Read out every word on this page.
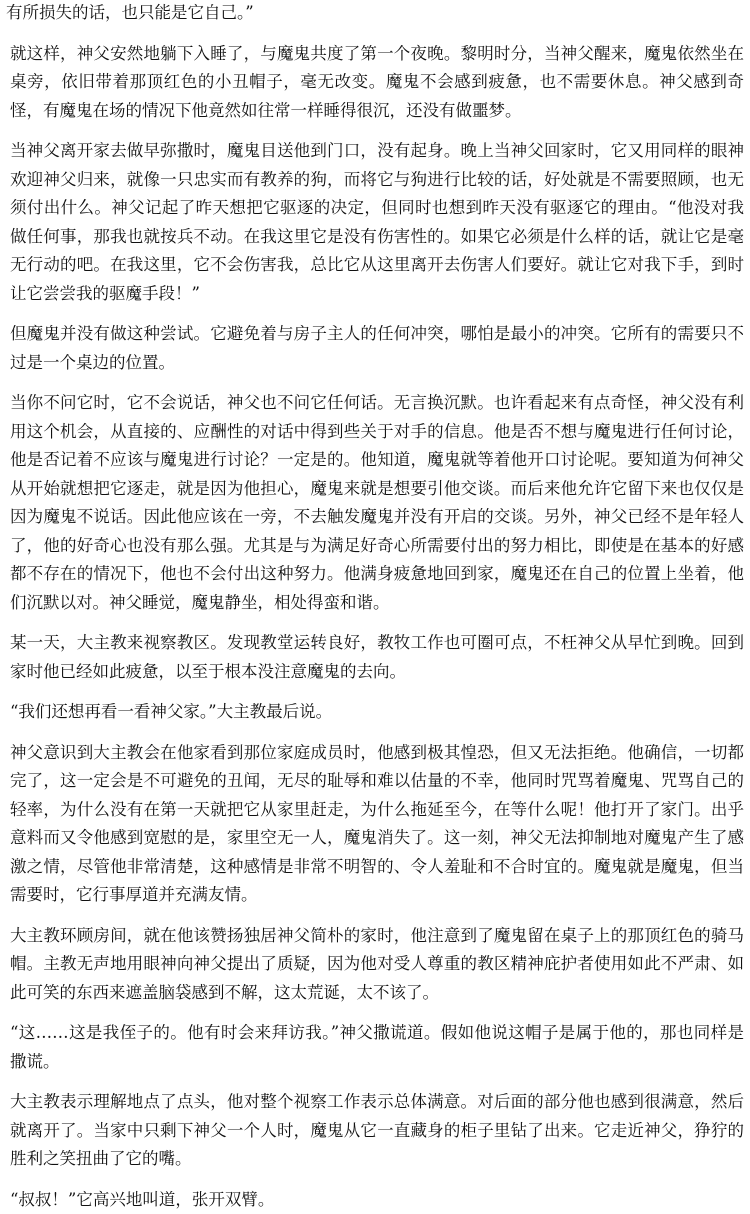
有所损失的话，也只能是它自己。”

就这样，神父安然地躺下入睡了，与魔鬼共度了第一个夜晚。黎明时分，当神父醒来，魔鬼依然坐在桌旁，依旧带着那顶红色的小丑帽子，毫无改变。魔鬼不会感到疲惫，也不需要休息。神父感到奇怪，有魔鬼在场的情况下他竟然如往常一样睡得很沉，还没有做噩梦。

当神父离开家去做早弥撒时，魔鬼目送他到门口，没有起身。晚上当神父回家时，它又用同样的眼神欢迎神父归来，就像一只忠实而有教养的狗，而将它与狗进行比较的话，好处就是不需要照顾，也无须付出什么。神父记起了昨天想把它驱逐的决定，但同时也想到昨天没有驱逐它的理由。“他没对我做任何事，那我也就按兵不动。在我这里它是没有伤害性的。如果它必须是什么样的话，就让它是毫无行动的吧。在我这里，它不会伤害我，总比它从这里离开去伤害人们要好。就让它对我下手，到时让它尝尝我的驱魔手段！”

但魔鬼并没有做这种尝试。它避免着与房子主人的任何冲突，哪怕是最小的冲突。它所有的需要只不过是一个桌边的位置。

当你不问它时，它不会说话，神父也不问它任何话。无言换沉默。也许看起来有点奇怪，神父没有利用这个机会，从直接的、应酬性的对话中得到些关于对手的信息。他是否不想与魔鬼进行任何讨论，他是否记着不应该与魔鬼进行讨论？一定是的。他知道，魔鬼就等着他开口讨论呢。要知道为何神父从开始就想把它逐走，就是因为他担心，魔鬼来就是想要引他交谈。而后来他允许它留下来也仅仅是因为魔鬼不说话。因此他应该在一旁，不去触发魔鬼并没有开启的交谈。另外，神父已经不是年轻人了，他的好奇心也没有那么强。尤其是与为满足好奇心所需要付出的努力相比，即使是在基本的好感都不存在的情况下，他也不会付出这种努力。他满身疲惫地回到家，魔鬼还在自己的位置上坐着，他们沉默以对。神父睡觉，魔鬼静坐，相处得蛮和谐。

某一天，大主教来视察教区。发现教堂运转良好，教牧工作也可圈可点，不枉神父从早忙到晚。回到家时他已经如此疲惫，以至于根本没注意魔鬼的去向。

“我们还想再看一看神父家。”大主教最后说。

神父意识到大主教会在他家看到那位家庭成员时，他感到极其惶恐，但又无法拒绝。他确信，一切都完了，这一定会是不可避免的丑闻，无尽的耻辱和难以估量的不幸，他同时咒骂着魔鬼、咒骂自己的轻率，为什么没有在第一天就把它从家里赶走，为什么拖延至今，在等什么呢！他打开了家门。出乎意料而又令他感到宽慰的是，家里空无一人，魔鬼消失了。这一刻，神父无法抑制地对魔鬼产生了感激之情，尽管他非常清楚，这种感情是非常不明智的、令人羞耻和不合时宜的。魔鬼就是魔鬼，但当需要时，它行事厚道并充满友情。

大主教环顾房间，就在他该赞扬独居神父简朴的家时，他注意到了魔鬼留在桌子上的那顶红色的骑马帽。主教无声地用眼神向神父提出了质疑，因为他对受人尊重的教区精神庇护者使用如此不严肃、如此可笑的东西来遮盖脑袋感到不解，这太荒诞，太不该了。

“这……这是我侄子的。他有时会来拜访我。”神父撒谎道。假如他说这帽子是属于他的，那也同样是撒谎。

大主教表示理解地点了点头，他对整个视察工作表示总体满意。对后面的部分他也感到很满意，然后就离开了。当家中只剩下神父一个人时，魔鬼从它一直藏身的柜子里钻了出来。它走近神父，狰狞的胜利之笑扭曲了它的嘴。

“叔叔！”它高兴地叫道，张开双臂。
